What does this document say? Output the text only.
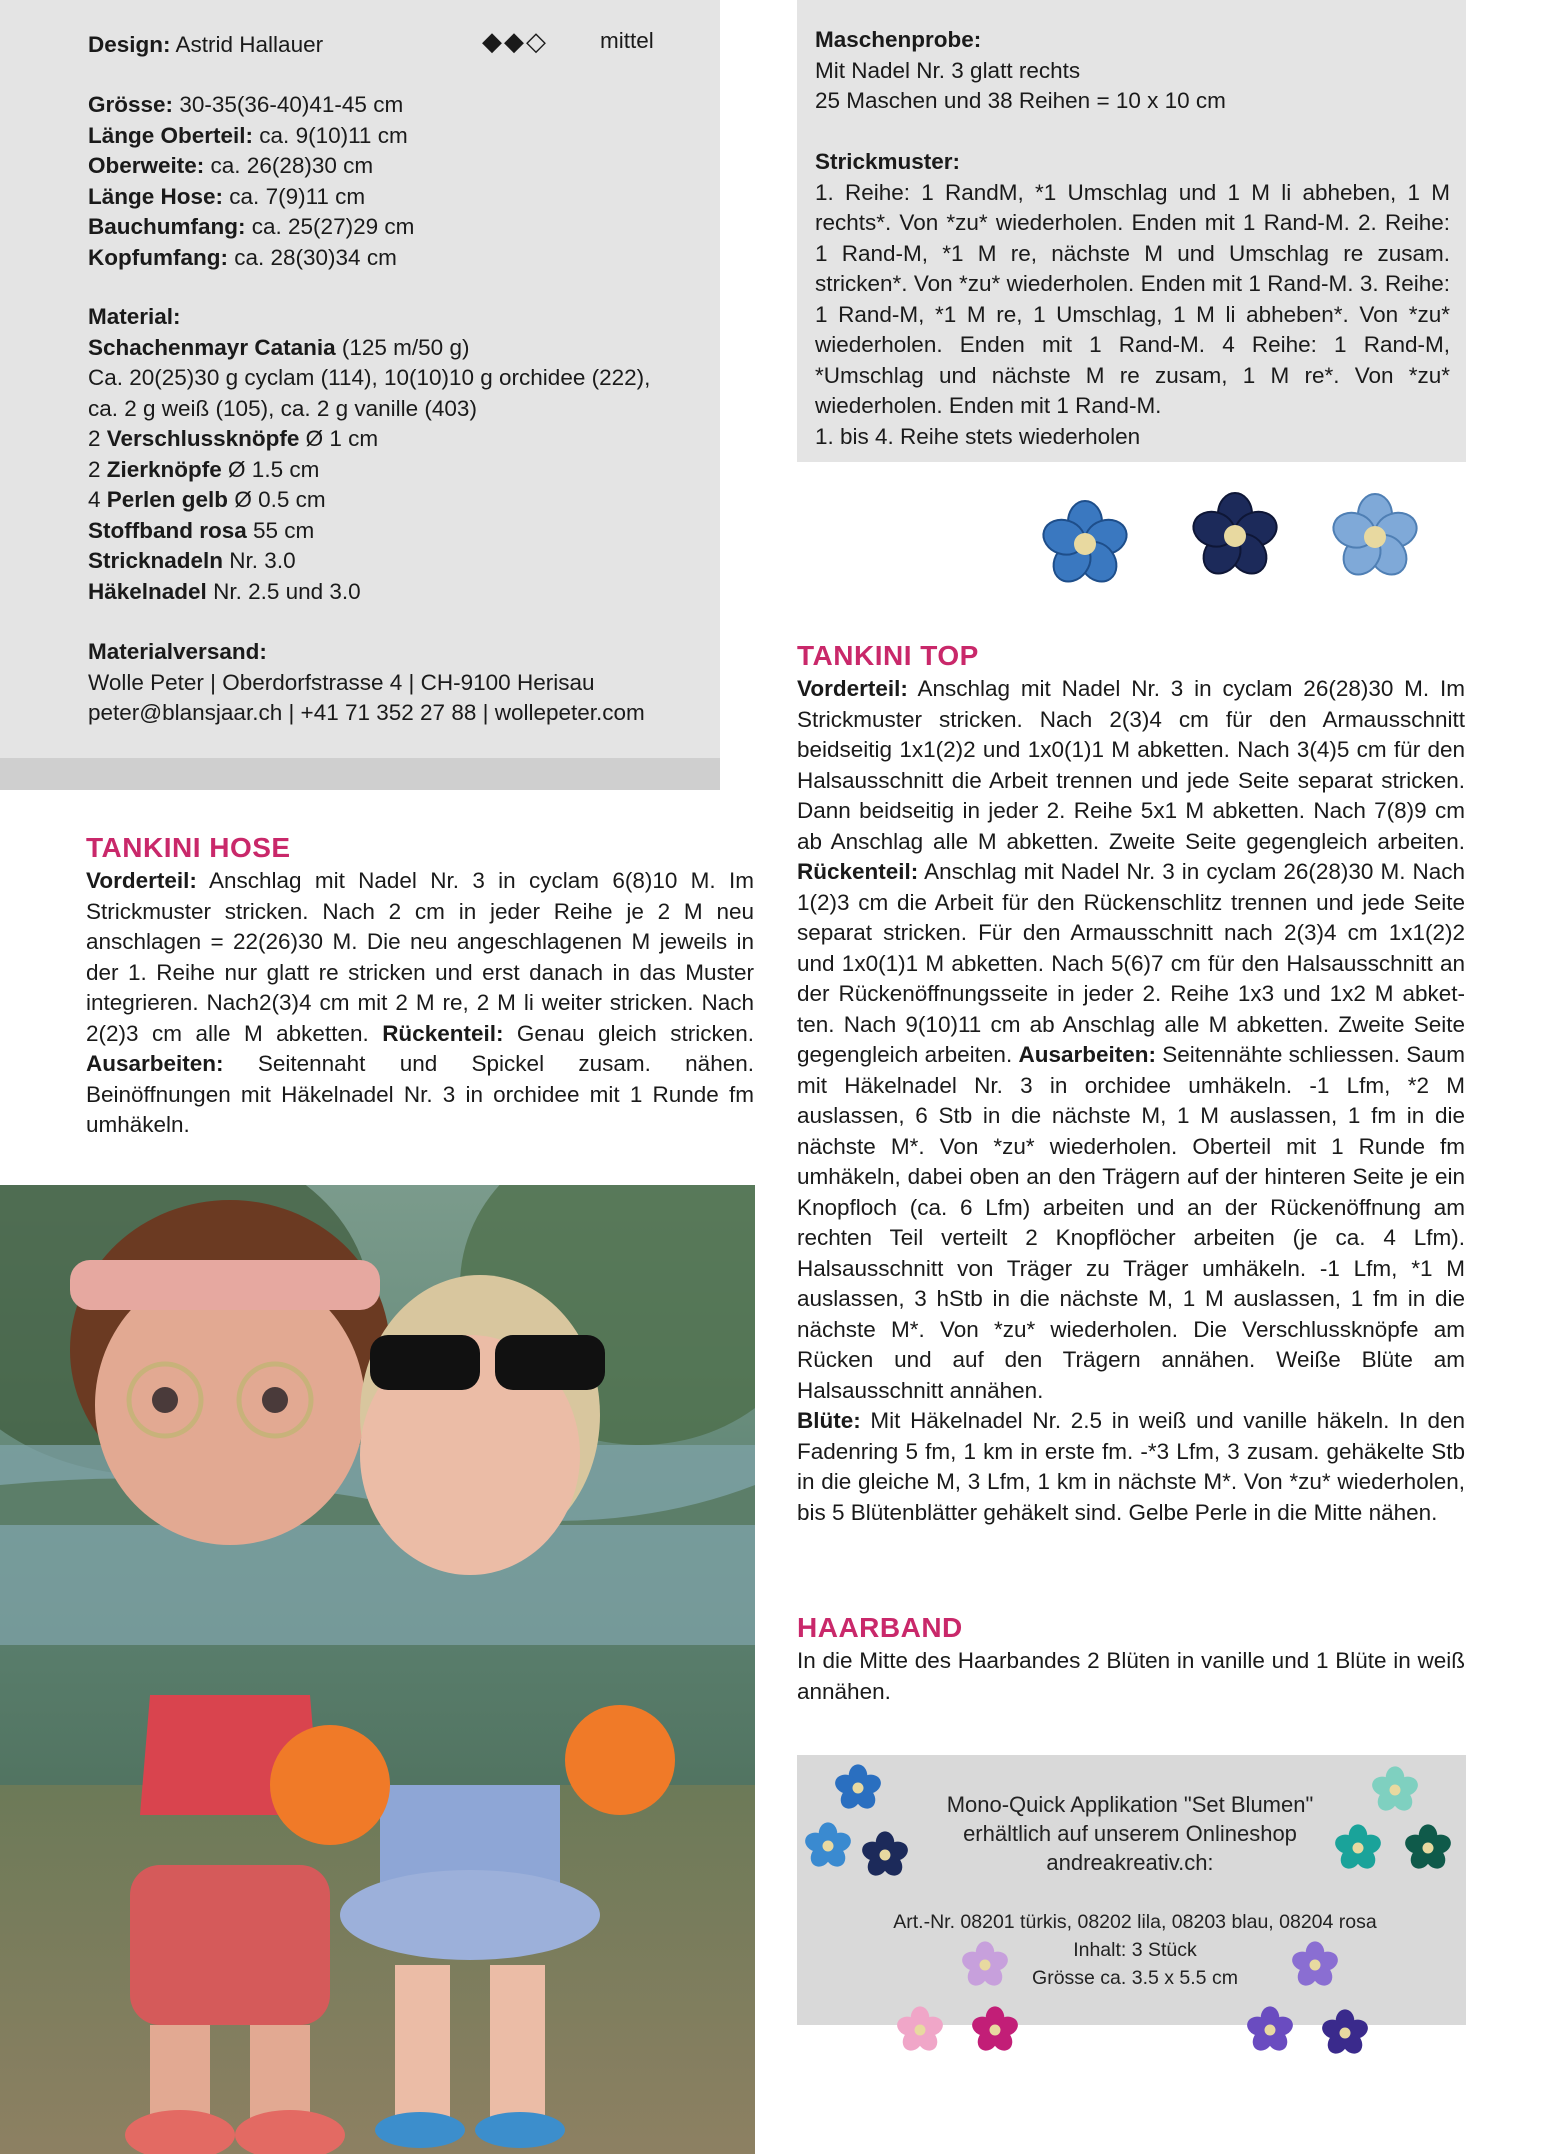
Design: Astrid Hallauer	◆◆◇ mittel

Grösse: 30-35(36-40)41-45 cm

Länge Oberteil: ca. 9(10)11 cm

Oberweite: ca. 26(28)30 cm

Länge Hose: ca. 7(9)11 cm

Bauchumfang: ca. 25(27)29 cm

Kopfumfang: ca. 28(30)34 cm

Material:

Schachenmayr Catania (125 m/50 g)

Ca. 20(25)30 g cyclam (114), 10(10)10 g orchidee (222),

ca. 2 g weiß (105), ca. 2 g vanille (403)

2 Verschlussknöpfe Ø 1 cm

2 Zierknöpfe Ø 1.5 cm

4 Perlen gelb Ø 0.5 cm

Stoffband rosa 55 cm

Stricknadeln Nr. 3.0

Häkelnadel Nr. 2.5 und 3.0

Materialversand:

Wolle Peter | Oberdorfstrasse 4 | CH-9100 Herisau

peter@blansjaar.ch | +41 71 352 27 88 | wollepeter.com

Maschenprobe:

Mit Nadel Nr. 3 glatt rechts

25 Maschen und 38 Reihen = 10 x 10 cm

Strickmuster:

1. Reihe: 1 RandM, *1 Umschlag und 1 M li abheben, 1 M rechts*. Von *zu* wiederholen. Enden mit 1 Rand-M. 2. Reihe: 1 Rand-M, *1 M re, nächste M und Umschlag re zusam. stricken*. Von *zu* wiederholen. Enden mit 1 Rand-M. 3. Reihe: 1 Rand-M, *1 M re, 1 Umschlag, 1 M li abheben*. Von *zu* wiederholen. Enden mit 1 Rand-M. 4 Reihe: 1 Rand-M, *Umschlag und nächste M re zusam, 1 M re*. Von *zu* wiederholen. Enden mit 1 Rand-M.

1. bis 4. Reihe stets wiederholen

TANKINI HOSE

Vorderteil: Anschlag mit Nadel Nr. 3 in cyclam 6(8)10 M. Im Strickmuster stricken. Nach 2 cm in jeder Reihe je 2 M neu anschlagen = 22(26)30 M. Die neu angeschlagenen M jeweils in der 1. Reihe nur glatt re stricken und erst danach in das Muster integrieren. Nach2(3)4 cm mit 2 M re, 2 M li weiter stricken. Nach 2(2)3 cm alle M abketten. Rückenteil: Genau gleich stricken. Ausarbeiten: Seitennaht und Spickel zusam. nähen. Beinöffnungen mit Häkelnadel Nr. 3 in orchidee mit 1 Runde fm umhäkeln.

TANKINI TOP

Vorderteil: Anschlag mit Nadel Nr. 3 in cyclam 26(28)30 M. Im Strickmuster stricken. Nach 2(3)4 cm für den Armausschnitt beidseitig 1x1(2)2 und 1x0(1)1 M abketten. Nach 3(4)5 cm für den Halsausschnitt die Arbeit trennen und jede Seite separat stricken. Dann beidseitig in jeder 2. Reihe 5x1 M abketten. Nach 7(8)9 cm ab Anschlag alle M abketten. Zweite Seite gegengleich arbeiten. Rückenteil: Anschlag mit Nadel Nr. 3 in cyclam 26(28)30 M. Nach 1(2)3 cm die Arbeit für den Rückenschlitz trennen und jede Seite separat stricken. Für den Armausschnitt nach 2(3)4 cm 1x1(2)2 und 1x0(1)1 M abketten. Nach 5(6)7 cm für den Halsausschnitt an der Rückenöffnungsseite in jeder 2. Reihe 1x3 und 1x2 M abketten. Nach 9(10)11 cm ab Anschlag alle M abketten. Zweite Seite gegengleich arbeiten. Ausarbeiten: Seitennähte schliessen. Saum mit Häkelnadel Nr. 3 in orchidee umhäkeln. -1 Lfm, *2 M auslassen, 6 Stb in die nächste M, 1 M auslassen, 1 fm in die nächste M*. Von *zu* wiederholen. Oberteil mit 1 Runde fm umhäkeln, dabei oben an den Trägern auf der hinteren Seite je ein Knopfloch (ca. 6 Lfm) arbeiten und an der Rückenöffnung am rechten Teil verteilt 2 Knopflöcher arbeiten (je ca. 4 Lfm). Halsausschnitt von Träger zu Träger umhäkeln. -1 Lfm, *1 M auslassen, 3 hStb in die nächste M, 1 M auslassen, 1 fm in die nächste M*. Von *zu* wiederholen. Die Verschlussknöpfe am Rücken und auf den Trägern annähen. Weiße Blüte am Halsausschnitt annähen.

Blüte: Mit Häkelnadel Nr. 2.5 in weiß und vanille häkeln. In den Fadenring 5 fm, 1 km in erste fm. -*3 Lfm, 3 zusam. gehäkelte Stb in die gleiche M, 3 Lfm, 1 km in nächste M*. Von *zu* wiederholen, bis 5 Blütenblätter gehäkelt sind. Gelbe Perle in die Mitte nähen.

HAARBAND

In die Mitte des Haarbandes 2 Blüten in vanille und 1 Blüte in weiß annähen.

Mono-Quick Applikation "Set Blumen"
erhältlich auf unserem Onlineshop
andreakreativ.ch:
Art.-Nr. 08201 türkis, 08202 lila, 08203 blau, 08204 rosa
Inhalt: 3 Stück
Grösse ca. 3.5 x 5.5 cm
